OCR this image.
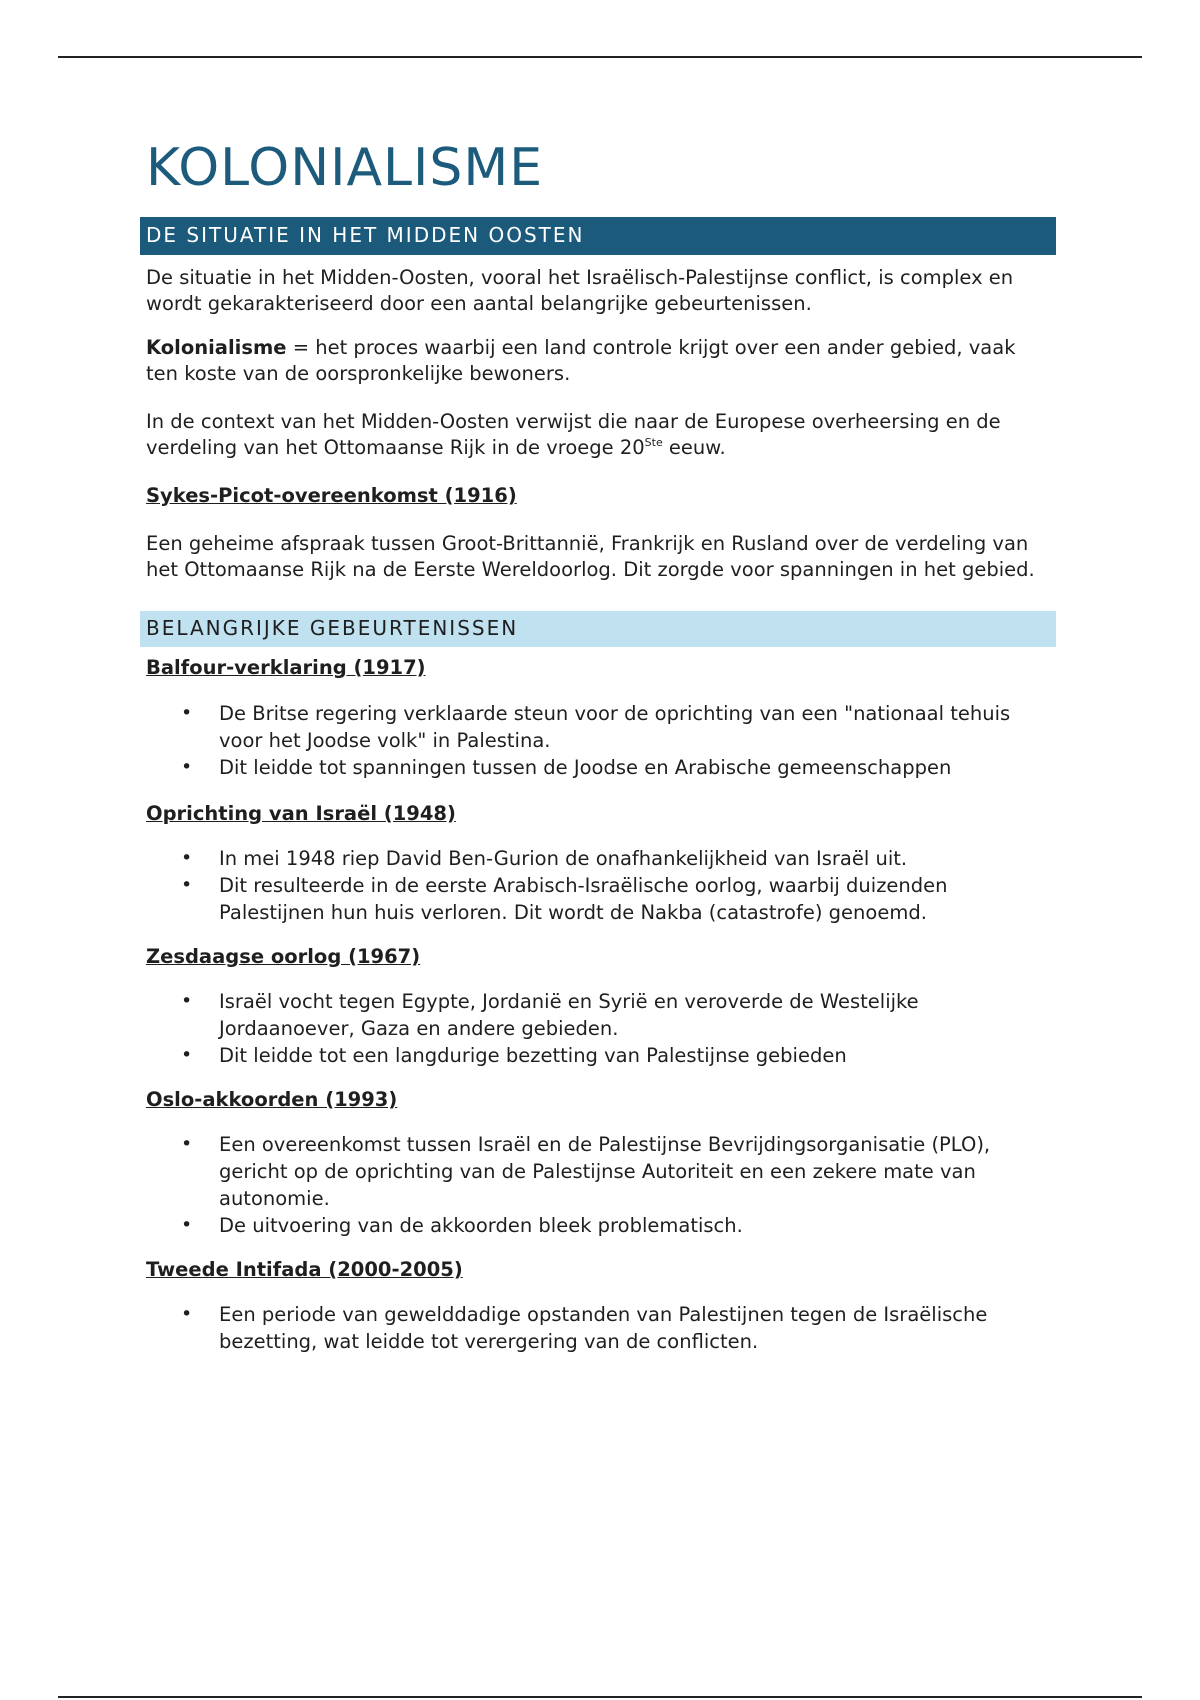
KOLONIALISME
DE SITUATIE IN HET MIDDEN OOSTEN

De situatie in het Midden-Oosten, vooral het Israëlisch-Palestijnse conflict, is complex en wordt gekarakteriseerd door een aantal belangrijke gebeurtenissen.

Kolonialisme = het proces waarbij een land controle krijgt over een ander gebied, vaak ten koste van de oorspronkelijke bewoners.

In de context van het Midden-Oosten verwijst die naar de Europese overheersing en de verdeling van het Ottomaanse Rijk in de vroege 20Ste eeuw.

Sykes-Picot-overeenkomst (1916)

Een geheime afspraak tussen Groot-Brittannië, Frankrijk en Rusland over de verdeling van het Ottomaanse Rijk na de Eerste Wereldoorlog. Dit zorgde voor spanningen in het gebied.

BELANGRIJKE GEBEURTENISSEN
Balfour-verklaring (1917)
• De Britse regering verklaarde steun voor de oprichting van een "nationaal tehuis voor het Joodse volk" in Palestina.
• Dit leidde tot spanningen tussen de Joodse en Arabische gemeenschappen
Oprichting van Israël (1948)
• In mei 1948 riep David Ben-Gurion de onafhankelijkheid van Israël uit.
• Dit resulteerde in de eerste Arabisch-Israëlische oorlog, waarbij duizenden Palestijnen hun huis verloren. Dit wordt de Nakba (catastrofe) genoemd.
Zesdaagse oorlog (1967)
• Israël vocht tegen Egypte, Jordanië en Syrië en veroverde de Westelijke Jordaanoever, Gaza en andere gebieden.
• Dit leidde tot een langdurige bezetting van Palestijnse gebieden
Oslo-akkoorden (1993)
• Een overeenkomst tussen Israël en de Palestijnse Bevrijdingsorganisatie (PLO), gericht op de oprichting van de Palestijnse Autoriteit en een zekere mate van autonomie.
• De uitvoering van de akkoorden bleek problematisch.
Tweede Intifada (2000-2005)
• Een periode van gewelddadige opstanden van Palestijnen tegen de Israëlische bezetting, wat leidde tot verergering van de conflicten.
